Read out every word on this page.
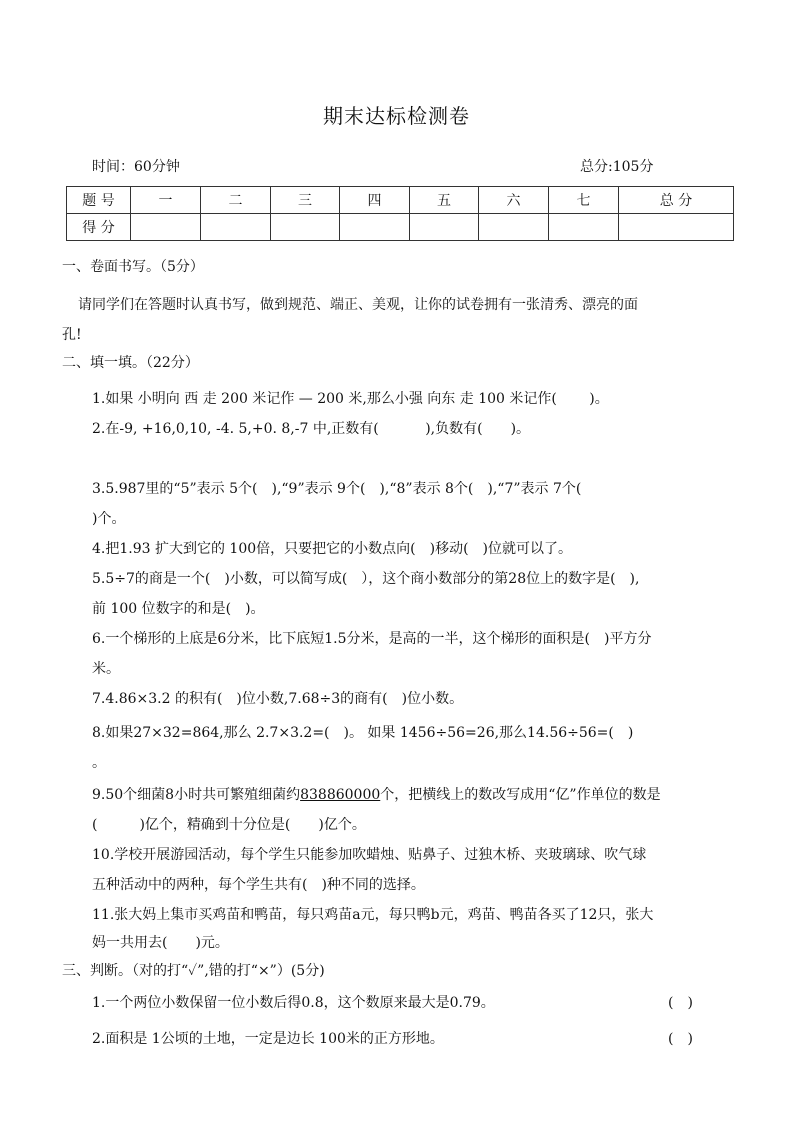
期末达标检测卷
时间：60分钟	总分:105分
题 号	一	二	三	四	五	六	七	总 分
得 分								
一、卷面书写。（5分）
请同学们在答题时认真书写，做到规范、端正、美观，让你的试卷拥有一张清秀、漂亮的面
孔!
二、填一填。（22分）
1.如果 小明向 西 走 200 米记作 — 200 米,那么小强 向东 走 100 米记作(　　 )。
2.在-9, +16,0,10, -4. 5,+0. 8,-7 中,正数有(　　　 ),负数有(　　)。
3.5.987里的“5”表示 5个(　),“9”表示 9个(　),“8”表示 8个(　),“7”表示 7个(
)个。
4.把1.93 扩大到它的 100倍，只要把它的小数点向(　)移动(　)位就可以了。
5.5÷7的商是一个(　)小数，可以简写成(　），这个商小数部分的第28位上的数字是(　),
前 100 位数字的和是(　)。
6.一个梯形的上底是6分米，比下底短1.5分米，是高的一半，这个梯形的面积是(　)平方分
米。
7.4.86×3.2 的积有(　)位小数,7.68÷3的商有(　)位小数。
8.如果27×32=864,那么 2.7×3.2=(　)。 如果 1456÷56=26,那么14.56÷56=(　)
。
9.50个细菌8小时共可繁殖细菌约838860000个，把横线上的数改写成用“亿”作单位的数是
(　　　)亿个，精确到十分位是(　　)亿个。
10.学校开展游园活动，每个学生只能参加吹蜡烛、贴鼻子、过独木桥、夹玻璃球、吹气球
五种活动中的两种，每个学生共有(　)种不同的选择。
11.张大妈上集市买鸡苗和鸭苗，每只鸡苗a元，每只鸭b元，鸡苗、鸭苗各买了12只，张大
妈一共用去(　　)元。
三、判断。（对的打“✓”,错的打“×”）(5分)
1.一个两位小数保留一位小数后得0.8，这个数原来最大是0.79。	(　)
2.面积是 1公顷的土地，一定是边长 100米的正方形地。	(　)
